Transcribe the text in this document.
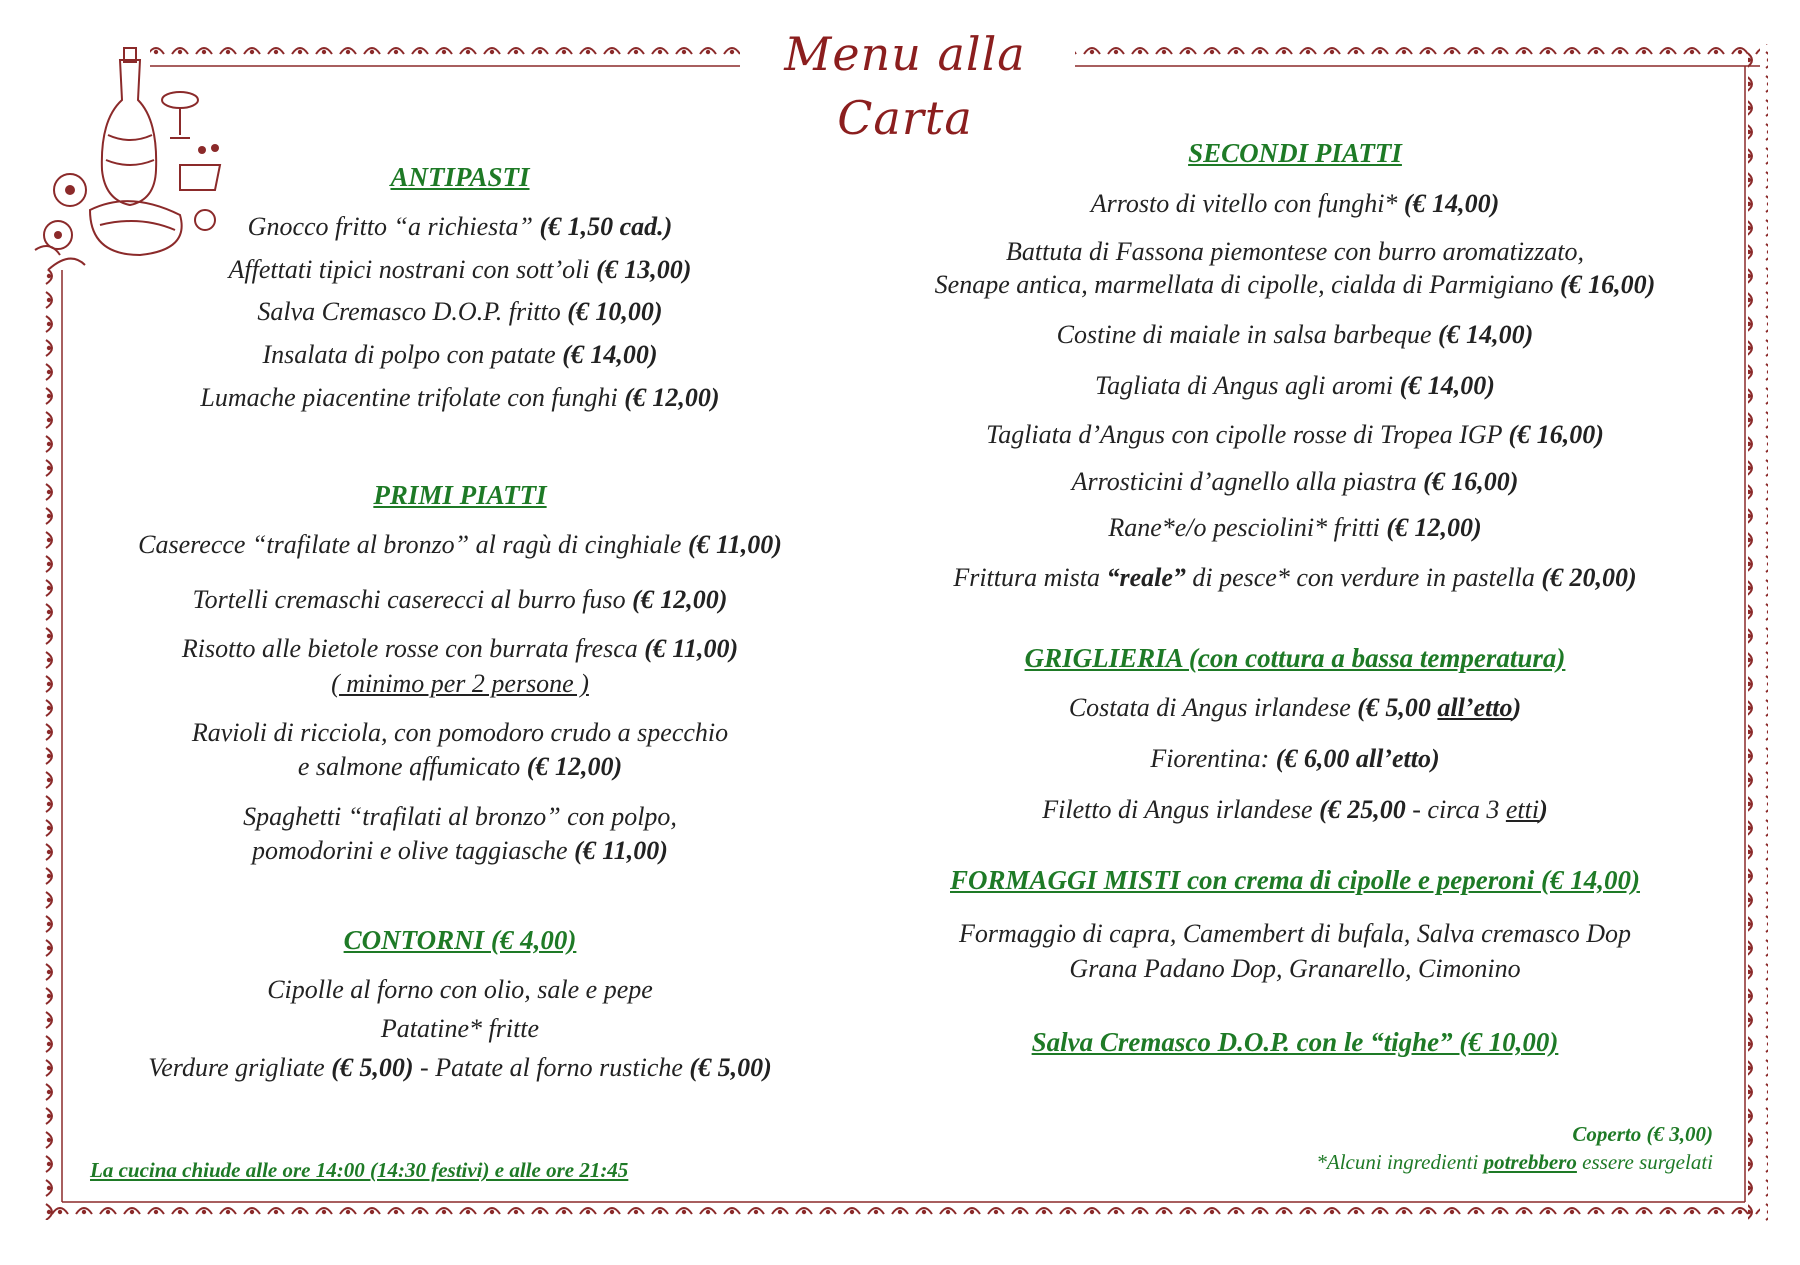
Menu alla Carta
ANTIPASTI
Gnocco fritto “a richiesta” (€ 1,50 cad.)
Affettati tipici nostrani con sott’oli (€ 13,00)
Salva Cremasco D.O.P. fritto (€ 10,00)
Insalata di polpo con patate (€ 14,00)
Lumache piacentine trifolate con funghi (€ 12,00)
PRIMI PIATTI
Caserecce “trafilate al bronzo” al ragù di cinghiale (€ 11,00)
Tortelli cremaschi caserecci al burro fuso (€ 12,00)
Risotto alle bietole rosse con burrata fresca (€ 11,00)
( minimo per 2 persone )
Ravioli di ricciola, con pomodoro crudo a specchio
e salmone affumicato (€ 12,00)
Spaghetti “trafilati al bronzo” con polpo,
pomodorini e olive taggiasche (€ 11,00)
CONTORNI (€ 4,00)
Cipolle al forno con olio, sale e pepe
Patatine* fritte
Verdure grigliate (€ 5,00) - Patate al forno rustiche (€ 5,00)
La cucina chiude alle ore 14:00 (14:30 festivi) e alle ore 21:45
SECONDI PIATTI
Arrosto di vitello con funghi* (€ 14,00)
Battuta di Fassona piemontese con burro aromatizzato,
Senape antica, marmellata di cipolle, cialda di Parmigiano (€ 16,00)
Costine di maiale in salsa barbeque (€ 14,00)
Tagliata di Angus agli aromi (€ 14,00)
Tagliata d’Angus con cipolle rosse di Tropea IGP (€ 16,00)
Arrosticini d’agnello alla piastra (€ 16,00)
Rane*e/o pesciolini* fritti (€ 12,00)
Frittura mista “reale” di pesce* con verdure in pastella (€ 20,00)
GRIGLIERIA (con cottura a bassa temperatura)
Costata di Angus irlandese (€ 5,00 all’etto)
Fiorentina: (€ 6,00 all’etto)
Filetto di Angus irlandese (€ 25,00 - circa 3 etti)
FORMAGGI MISTI con crema di cipolle e peperoni (€ 14,00)
Formaggio di capra, Camembert di bufala, Salva cremasco Dop
Grana Padano Dop, Granarello, Cimonino
Salva Cremasco D.O.P. con le “tighe” (€ 10,00)
Coperto (€ 3,00)
*Alcuni ingredienti potrebbero essere surgelati
